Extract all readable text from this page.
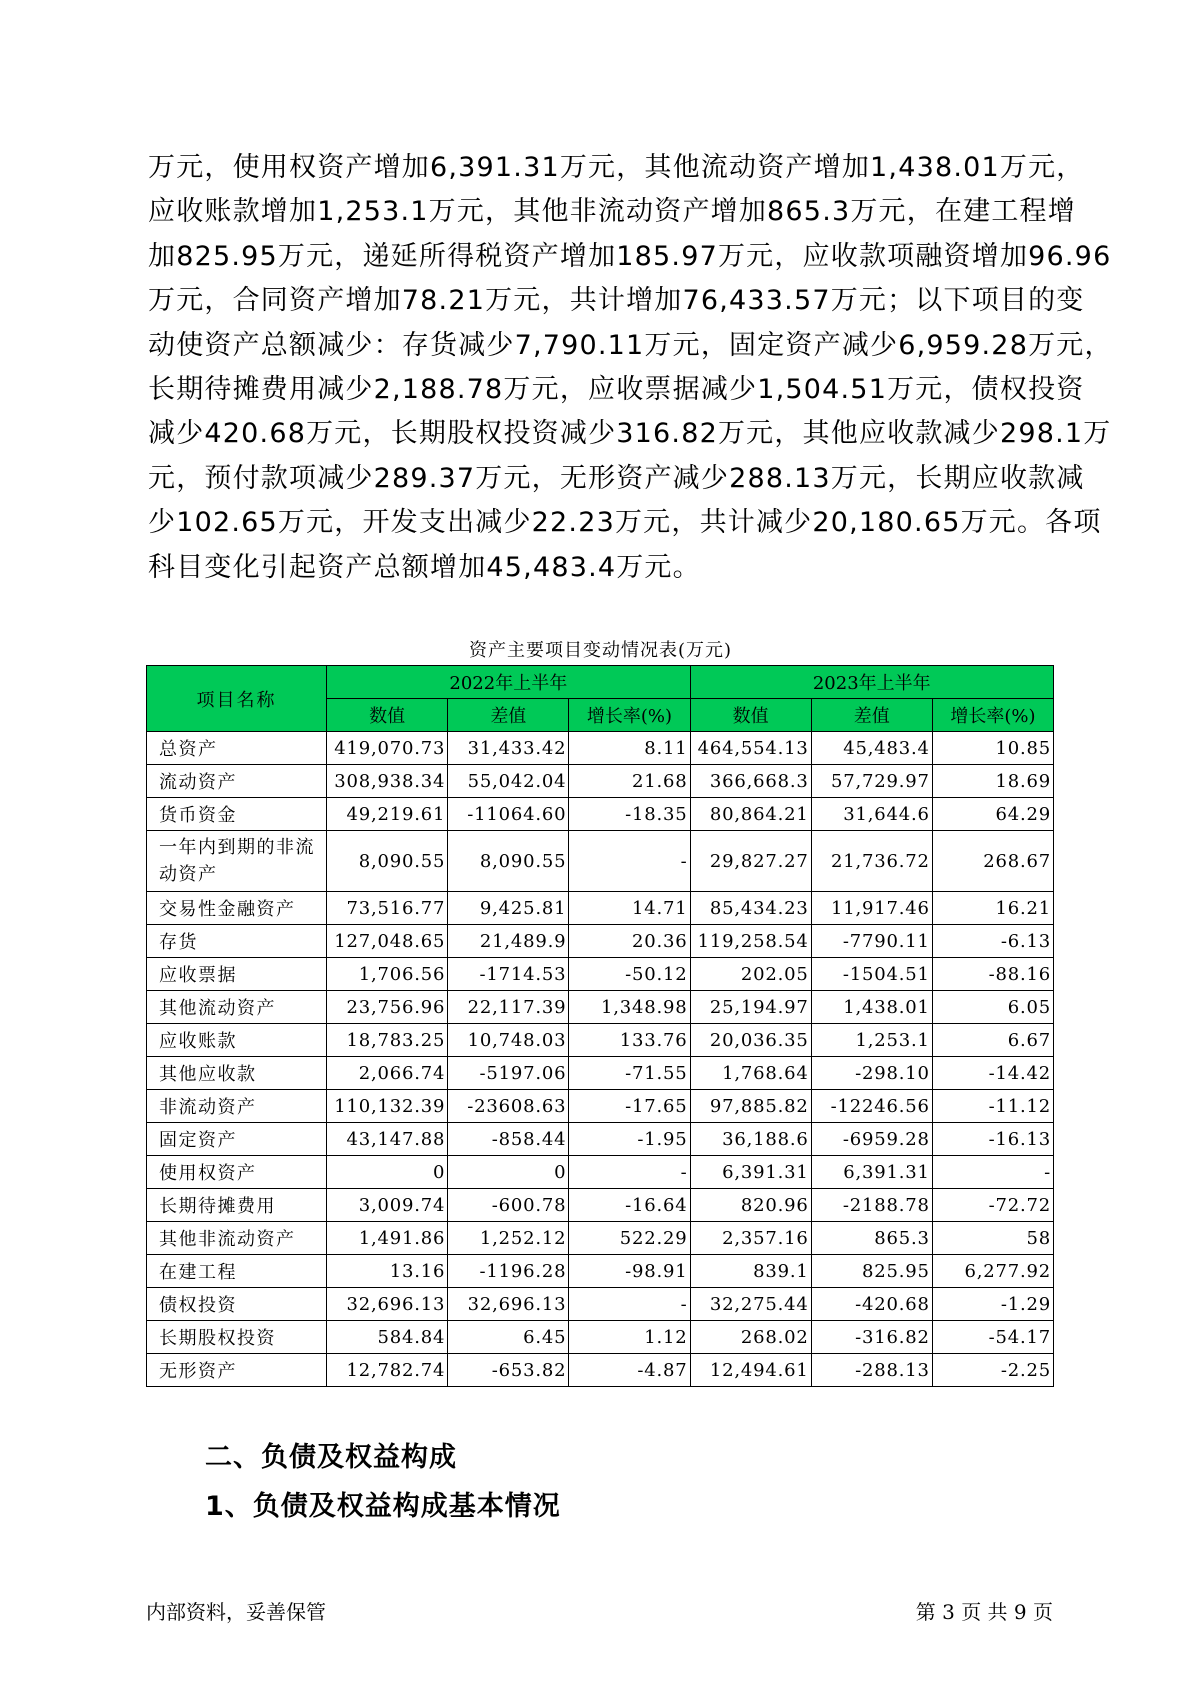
万元，使用权资产增加6,391.31万元，其他流动资产增加1,438.01万元，
应收账款增加1,253.1万元，其他非流动资产增加865.3万元，在建工程增
加825.95万元，递延所得税资产增加185.97万元，应收款项融资增加96.96
万元，合同资产增加78.21万元，共计增加76,433.57万元；以下项目的变
动使资产总额减少：存货减少7,790.11万元，固定资产减少6,959.28万元，
长期待摊费用减少2,188.78万元，应收票据减少1,504.51万元，债权投资
减少420.68万元，长期股权投资减少316.82万元，其他应收款减少298.1万
元，预付款项减少289.37万元，无形资产减少288.13万元，长期应收款减
少102.65万元，开发支出减少22.23万元，共计减少20,180.65万元。各项
科目变化引起资产总额增加45,483.4万元。
资产主要项目变动情况表(万元)
项目名称	2022年上半年			2023年上半年		
	数值	差值	增长率(%)	数值	差值	增长率(%)
总资产	419,070.73	31,433.42	8.11	464,554.13	45,483.4	10.85
流动资产	308,938.34	55,042.04	21.68	366,668.3	57,729.97	18.69
货币资金	49,219.61	-11064.60	-18.35	80,864.21	31,644.6	64.29
一年内到期的非流动资产	8,090.55	8,090.55	-	29,827.27	21,736.72	268.67
交易性金融资产	73,516.77	9,425.81	14.71	85,434.23	11,917.46	16.21
存货	127,048.65	21,489.9	20.36	119,258.54	-7790.11	-6.13
应收票据	1,706.56	-1714.53	-50.12	202.05	-1504.51	-88.16
其他流动资产	23,756.96	22,117.39	1,348.98	25,194.97	1,438.01	6.05
应收账款	18,783.25	10,748.03	133.76	20,036.35	1,253.1	6.67
其他应收款	2,066.74	-5197.06	-71.55	1,768.64	-298.10	-14.42
非流动资产	110,132.39	-23608.63	-17.65	97,885.82	-12246.56	-11.12
固定资产	43,147.88	-858.44	-1.95	36,188.6	-6959.28	-16.13
使用权资产	0	0	-	6,391.31	6,391.31	-
长期待摊费用	3,009.74	-600.78	-16.64	820.96	-2188.78	-72.72
其他非流动资产	1,491.86	1,252.12	522.29	2,357.16	865.3	58
在建工程	13.16	-1196.28	-98.91	839.1	825.95	6,277.92
债权投资	32,696.13	32,696.13	-	32,275.44	-420.68	-1.29
长期股权投资	584.84	6.45	1.12	268.02	-316.82	-54.17
无形资产	12,782.74	-653.82	-4.87	12,494.61	-288.13	-2.25
二、负债及权益构成
1、负债及权益构成基本情况
内部资料，妥善保管	第 3 页 共 9 页
